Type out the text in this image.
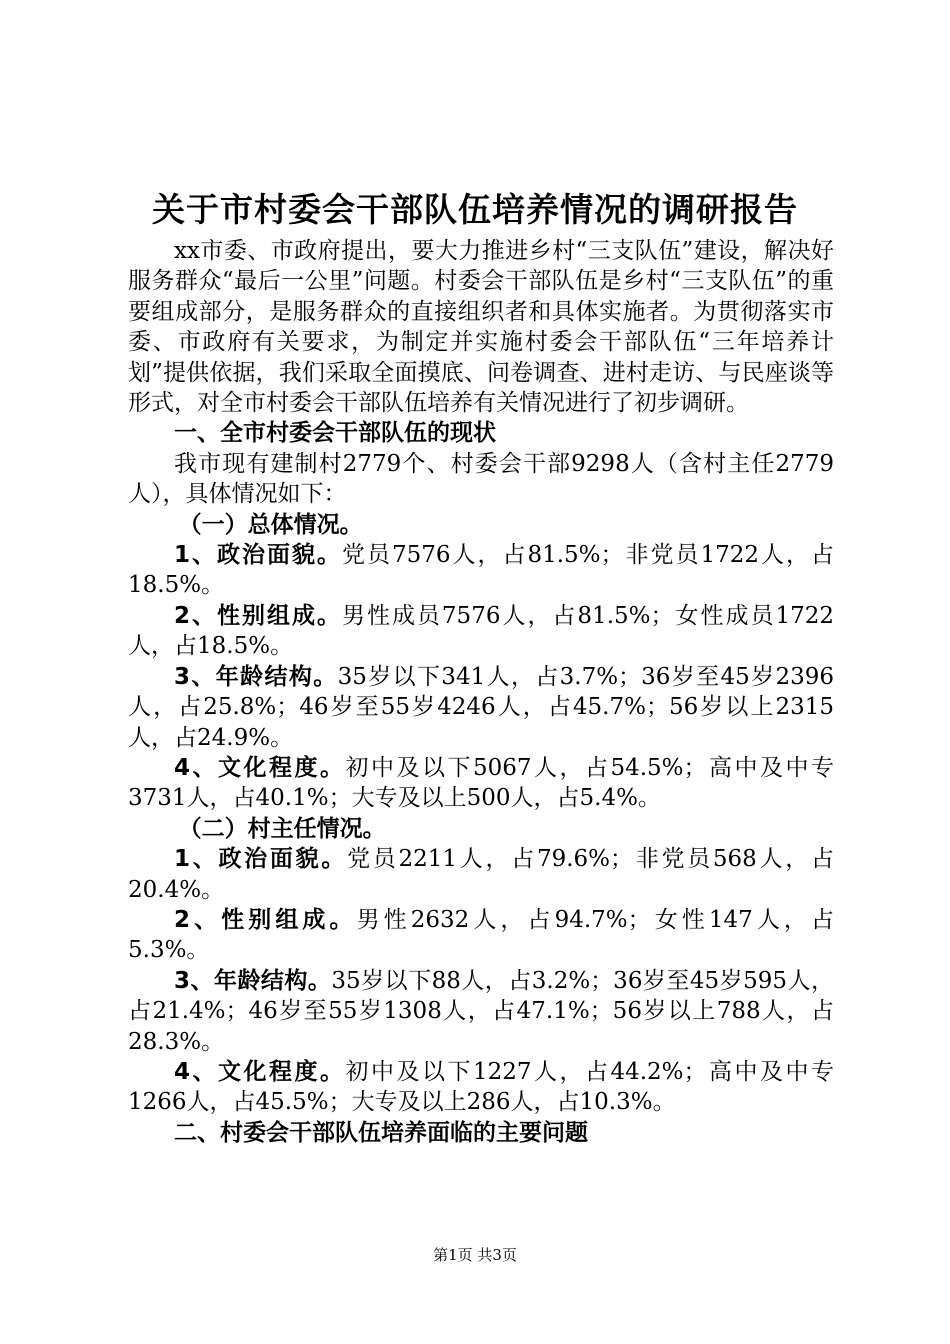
关于市村委会干部队伍培养情况的调研报告

xx市委、市政府提出，要大力推进乡村“三支队伍”建设，解决好服务群众“最后一公里”问题。村委会干部队伍是乡村“三支队伍”的重要组成部分，是服务群众的直接组织者和具体实施者。为贯彻落实市委、市政府有关要求，为制定并实施村委会干部队伍“三年培养计划”提供依据，我们采取全面摸底、问卷调查、进村走访、与民座谈等形式，对全市村委会干部队伍培养有关情况进行了初步调研。

一、全市村委会干部队伍的现状

我市现有建制村2779个、村委会干部9298人（含村主任2779人），具体情况如下：

（一）总体情况。

1、政治面貌。党员7576人，占81.5%；非党员1722人，占18.5%。

2、性别组成。男性成员7576人，占81.5%；女性成员1722人，占18.5%。

3、年龄结构。35岁以下341人，占3.7%；36岁至45岁2396人，占25.8%；46岁至55岁4246人，占45.7%；56岁以上2315人，占24.9%。

4、文化程度。初中及以下5067人，占54.5%；高中及中专3731人，占40.1%；大专及以上500人，占5.4%。

（二）村主任情况。

1、政治面貌。党员2211人，占79.6%；非党员568人，占20.4%。

2、性别组成。男性2632人，占94.7%；女性147人，占5.3%。

3、年龄结构。35岁以下88人，占3.2%；36岁至45岁595人，占21.4%；46岁至55岁1308人，占47.1%；56岁以上788人，占28.3%。

4、文化程度。初中及以下1227人，占44.2%；高中及中专1266人，占45.5%；大专及以上286人，占10.3%。

二、村委会干部队伍培养面临的主要问题

第1页 共3页
